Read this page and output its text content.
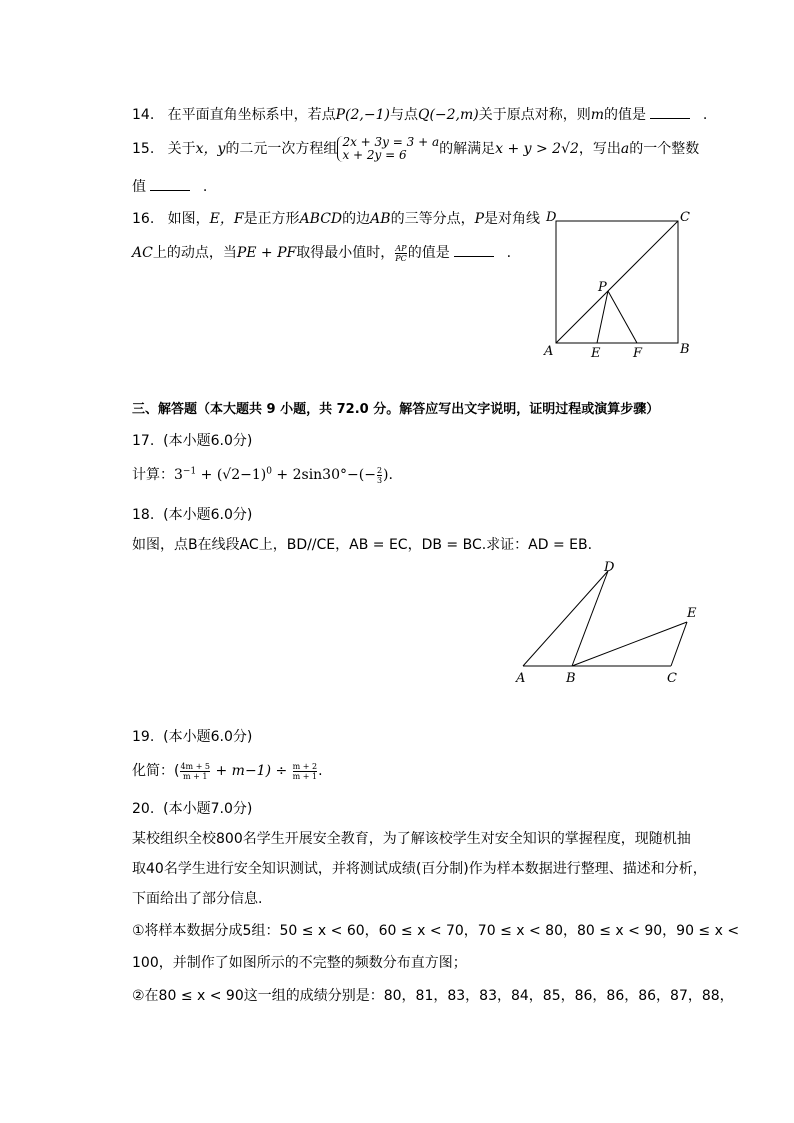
14. 在平面直角坐标系中，若点P(2,−1)与点Q(−2,m)关于原点对称，则m的值是	.
15. 关于x，y的二元一次方程组 2x + 3y = 3 + a
x + 2y = 6	的解满足x + y > 2√2，写出a的一个整数
值	.
16. 如图，E，F是正方形ABCD的边AB的三等分点，P是对角线
AC上的动点，当PE + PF取得最小值时， $\frac{AP}{PC}$ 的值是	.
D	C
P
A	E	F	B
三、解答题（本大题共 9 小题，共 72.0 分。解答应写出文字说明，证明过程或演算步骤）
17. (本小题6.0分)
计算：$3^{-1} + (√2-1)^0 + 2\sin 30^\circ-(- \frac{2}{3}$ ).
18. (本小题6.0分)
如图，点B在线段AC上，BD//CE，AB = EC，DB = BC.求证：AD = EB.
D
E
A	B	C
19. (本小题6.0分)
化简：( $\frac{4m + 5}{m + 1} + m-1) \div \frac{m + 2}{m + 1}$ .
20. (本小题7.0分)
某校组织全校800名学生开展安全教育，为了解该校学生对安全知识的掌握程度，现随机抽
取40名学生进行安全知识测试，并将测试成绩(百分制)作为样本数据进行整理、描述和分析，
下面给出了部分信息.
①将样本数据分成5组：50 ≤ x < 60，60 ≤ x < 70，70 ≤ x < 80，80 ≤ x < 90，90 ≤ x <
100，并制作了如图所示的不完整的频数分布直方图；
②在80 ≤ x < 90这一组的成绩分别是：80，81，83，83，84，85，86，86，86，87，88，
